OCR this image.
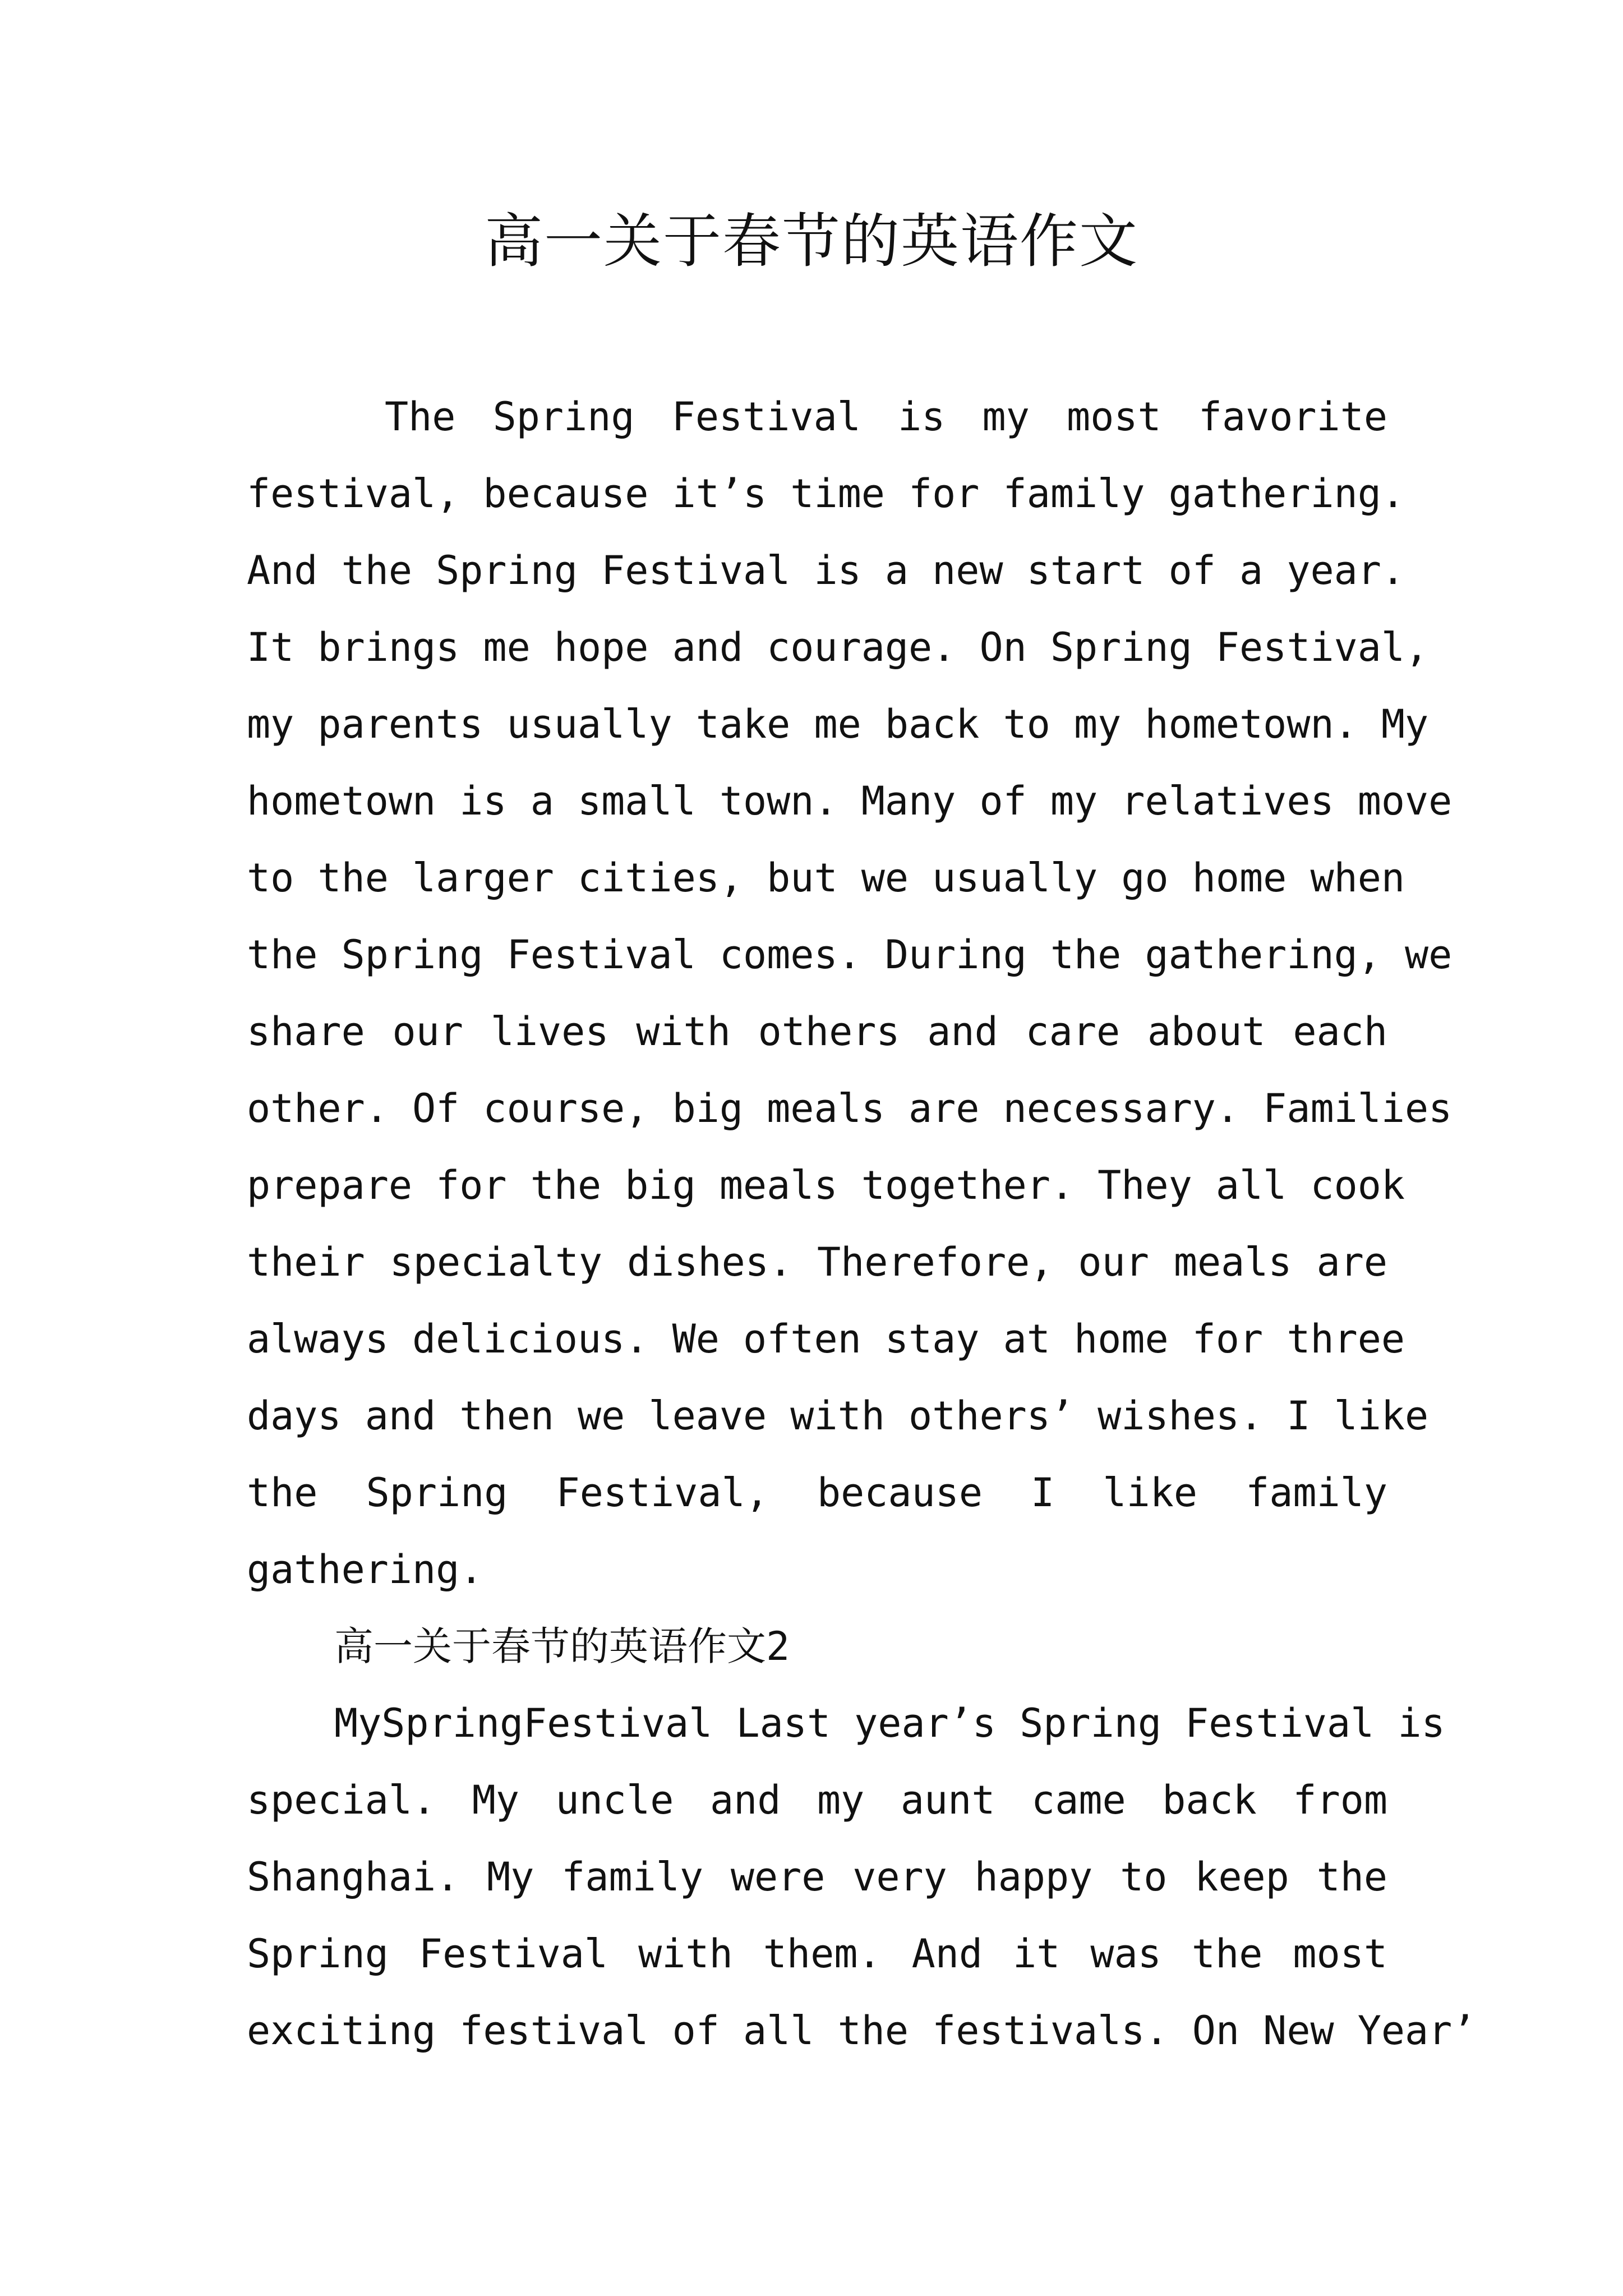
高一关于春节的英语作文
The Spring Festival is my most favorite
festival, because it’s time for family gathering.
And the Spring Festival is a new start of a year.
It brings me hope and courage. On Spring Festival,
my parents usually take me back to my hometown. My
hometown is a small town. Many of my relatives move
to the larger cities, but we usually go home when
the Spring Festival comes. During the gathering, we
share our lives with others and care about each
other. Of course, big meals are necessary. Families
prepare for the big meals together. They all cook
their specialty dishes. Therefore, our meals are
always delicious. We often stay at home for three
days and then we leave with others’ wishes. I like
the Spring Festival, because I like family
gathering.
高一关于春节的英语作文2
MySpringFestival Last year’s Spring Festival is
special. My uncle and my aunt came back from
Shanghai. My family were very happy to keep the
Spring Festival with them. And it was the most
exciting festival of all the festivals. On New Year’
